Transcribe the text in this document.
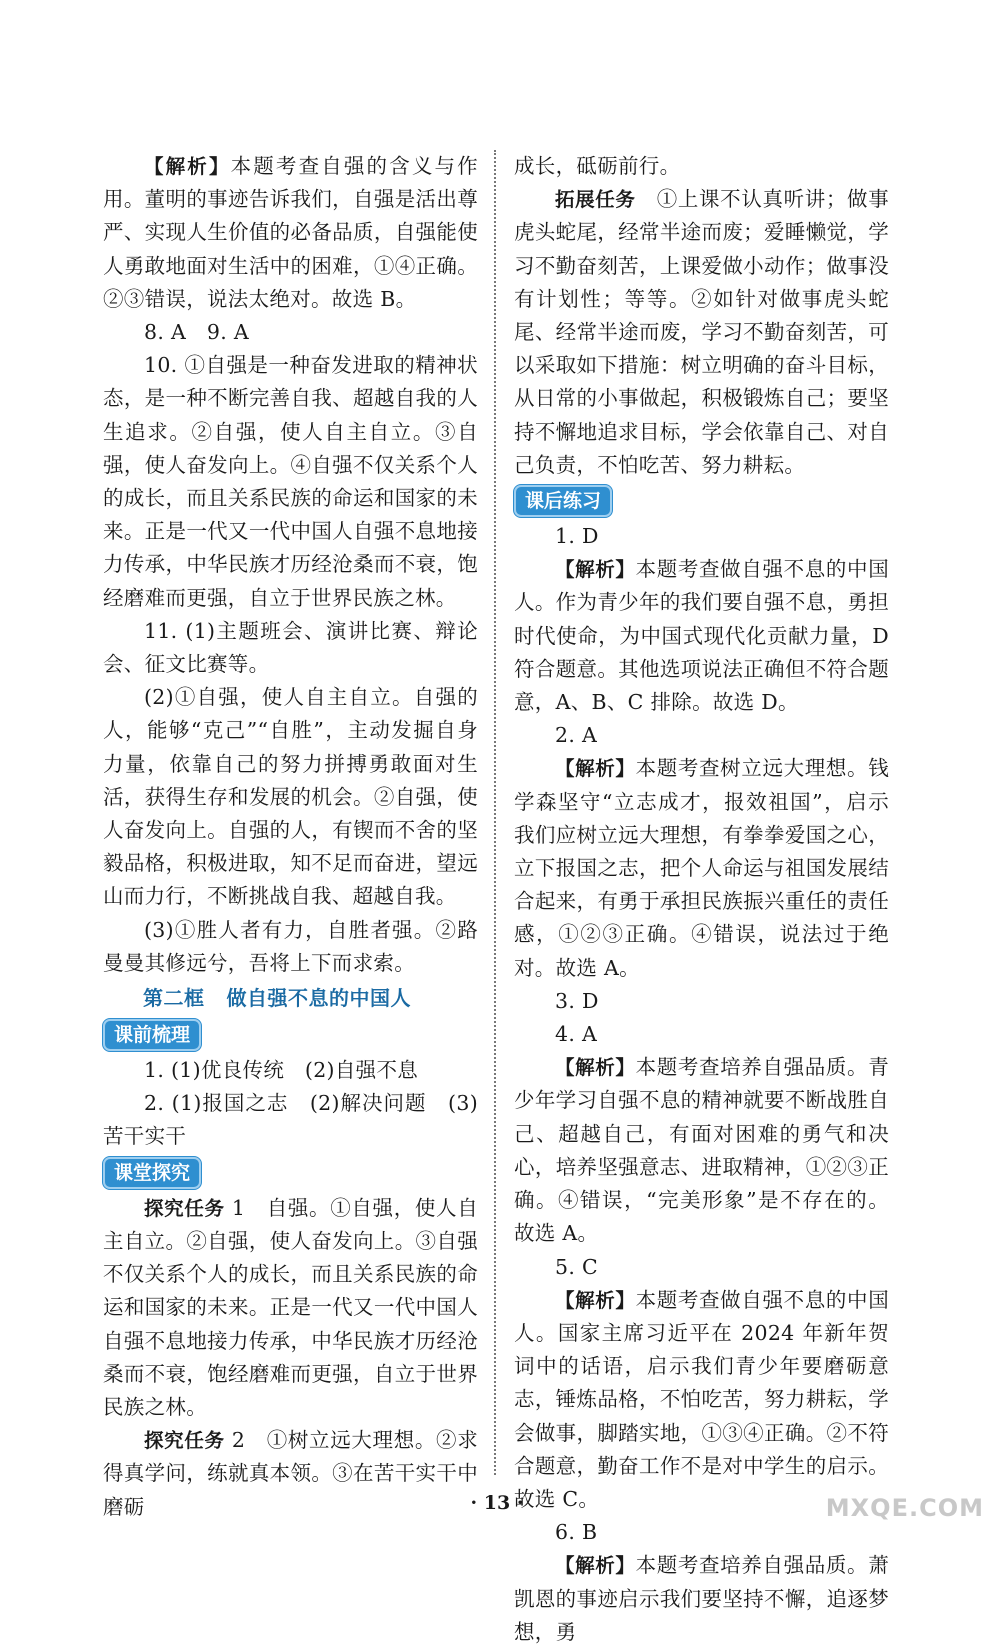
【解析】本题考查自强的含义与作用。董明的事迹告诉我们，自强是活出尊严、实现人生价值的必备品质，自强能使人勇敢地面对生活中的困难，①④正确。②③错误，说法太绝对。故选 B。

8. A　9. A

10. ①自强是一种奋发进取的精神状态，是一种不断完善自我、超越自我的人生追求。②自强，使人自主自立。③自强，使人奋发向上。④自强不仅关系个人的成长，而且关系民族的命运和国家的未来。正是一代又一代中国人自强不息地接力传承，中华民族才历经沧桑而不衰，饱经磨难而更强，自立于世界民族之林。

11. (1)主题班会、演讲比赛、辩论会、征文比赛等。

(2)①自强，使人自主自立。自强的人，能够“克己”“自胜”，主动发掘自身力量，依靠自己的努力拼搏勇敢面对生活，获得生存和发展的机会。②自强，使人奋发向上。自强的人，有锲而不舍的坚毅品格，积极进取，知不足而奋进，望远山而力行，不断挑战自我、超越自我。

(3)①胜人者有力，自胜者强。②路曼曼其修远兮，吾将上下而求索。

第二框 做自强不息的中国人

课前梳理

1. (1)优良传统　(2)自强不息

2. (1)报国之志　(2)解决问题　(3)苦干实干

课堂探究

探究任务 1　自强。①自强，使人自主自立。②自强，使人奋发向上。③自强不仅关系个人的成长，而且关系民族的命运和国家的未来。正是一代又一代中国人自强不息地接力传承，中华民族才历经沧桑而不衰，饱经磨难而更强，自立于世界民族之林。

探究任务 2　①树立远大理想。②求得真学问，练就真本领。③在苦干实干中磨砺

成长，砥砺前行。

拓展任务　①上课不认真听讲；做事虎头蛇尾，经常半途而废；爱睡懒觉，学习不勤奋刻苦，上课爱做小动作；做事没有计划性；等等。②如针对做事虎头蛇尾、经常半途而废，学习不勤奋刻苦，可以采取如下措施：树立明确的奋斗目标，从日常的小事做起，积极锻炼自己；要坚持不懈地追求目标，学会依靠自己、对自己负责，不怕吃苦、努力耕耘。

课后练习

1. D

【解析】本题考查做自强不息的中国人。作为青少年的我们要自强不息，勇担时代使命，为中国式现代化贡献力量，D 符合题意。其他选项说法正确但不符合题意，A、B、C 排除。故选 D。

2. A

【解析】本题考查树立远大理想。钱学森坚守“立志成才，报效祖国”，启示我们应树立远大理想，有拳拳爱国之心，立下报国之志，把个人命运与祖国发展结合起来，有勇于承担民族振兴重任的责任感，①②③正确。④错误，说法过于绝对。故选 A。

3. D

4. A

【解析】本题考查培养自强品质。青少年学习自强不息的精神就要不断战胜自己、超越自己，有面对困难的勇气和决心，培养坚强意志、进取精神，①②③正确。④错误，“完美形象”是不存在的。故选 A。

5. C

【解析】本题考查做自强不息的中国人。国家主席习近平在 2024 年新年贺词中的话语，启示我们青少年要磨砺意志，锤炼品格，不怕吃苦，努力耕耘，学会做事，脚踏实地，①③④正确。②不符合题意，勤奋工作不是对中学生的启示。故选 C。

6. B

【解析】本题考查培养自强品质。萧凯恩的事迹启示我们要坚持不懈，追逐梦想，勇

· 13 ·	MXQE.COM
